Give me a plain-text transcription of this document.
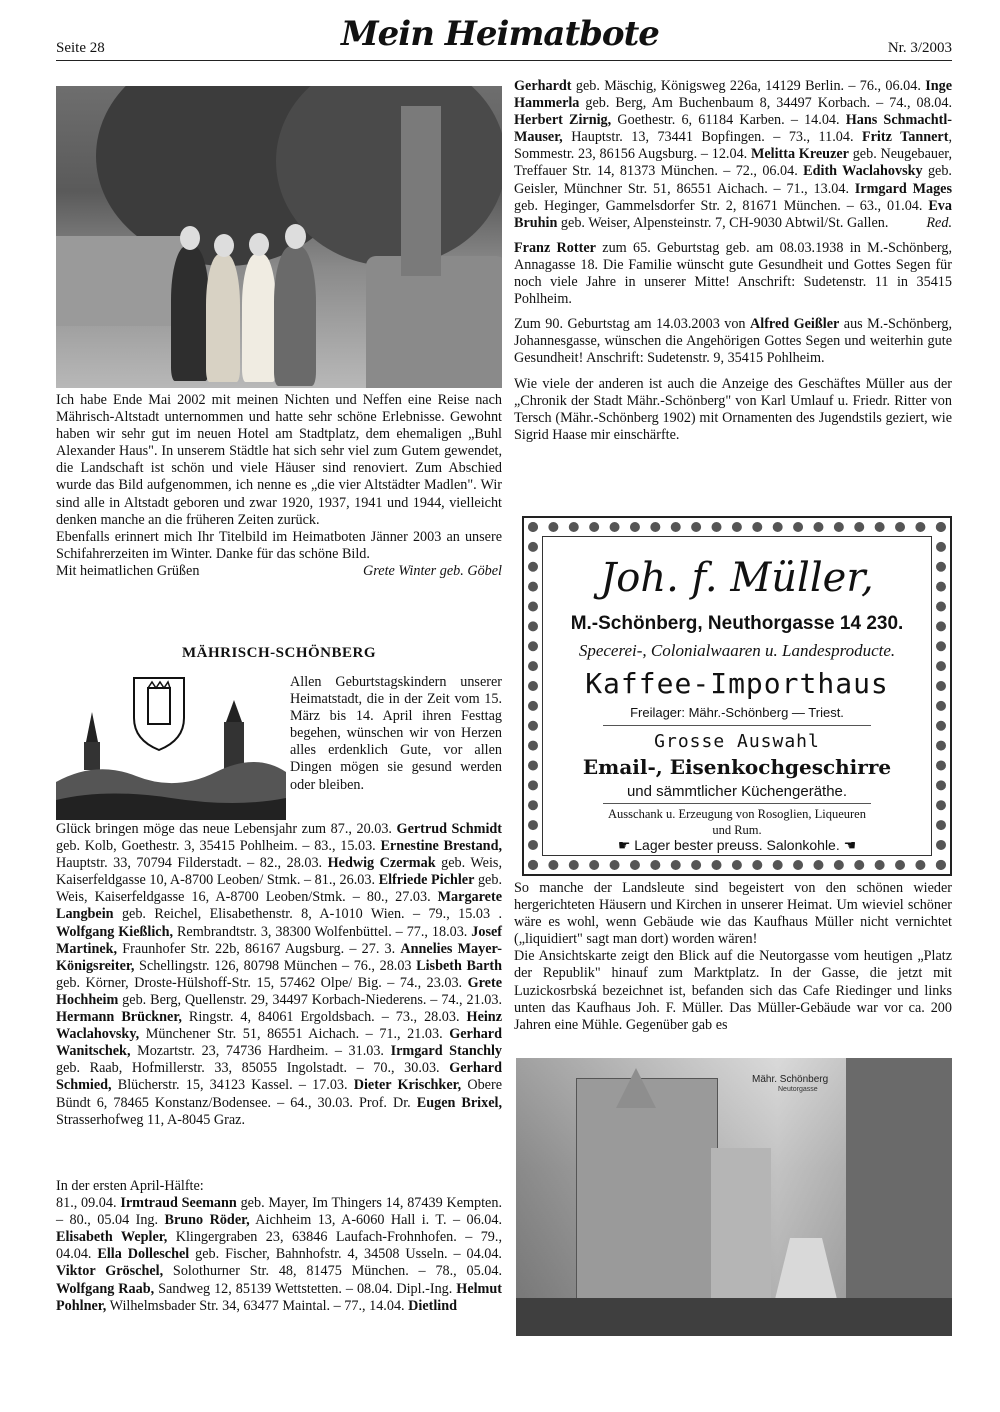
Seite 28	Mein Heimatbote	Nr. 3/2003
Ich habe Ende Mai 2002 mit meinen Nichten und Neffen eine Reise nach Mährisch-Altstadt unternommen und hatte sehr schöne Erlebnisse. Gewohnt haben wir sehr gut im neuen Hotel am Stadtplatz, dem ehemaligen „Buhl Alexander Haus". In unserem Städtle hat sich sehr viel zum Gutem gewendet, die Landschaft ist schön und viele Häuser sind renoviert. Zum Abschied wurde das Bild aufgenommen, ich nenne es „die vier Altstädter Madlen". Wir sind alle in Altstadt geboren und zwar 1920, 1937, 1941 und 1944, vielleicht denken manche an die früheren Zeiten zurück.
Ebenfalls erinnert mich Ihr Titelbild im Heimatboten Jänner 2003 an unsere Schifahrerzeiten im Winter. Danke für das schöne Bild.
Mit heimatlichen Grüßen	Grete Winter geb. Göbel
MÄHRISCH-SCHÖNBERG
Allen Geburtstagskindern unserer Heimatstadt, die in der Zeit vom 15. März bis 14. April ihren Festtag begehen, wünschen wir von Herzen alles erdenklich Gute, vor allen Dingen mögen sie gesund werden oder bleiben.
Glück bringen möge das neue Lebensjahr zum 87., 20.03. Gertrud Schmidt geb. Kolb, Goethestr. 3, 35415 Pohlheim. – 83., 15.03. Ernestine Brestand, Hauptstr. 33, 70794 Filderstadt. – 82., 28.03. Hedwig Czermak geb. Weis, Kaiserfeldgasse 10, A-8700 Leoben/ Stmk. – 81., 26.03. Elfriede Pichler geb. Weis, Kaiserfeldgasse 16, A-8700 Leoben/Stmk. – 80., 27.03. Margarete Langbein geb. Reichel, Elisabethenstr. 8, A-1010 Wien. – 79., 15.03 . Wolfgang Kießlich, Rembrandtstr. 3, 38300 Wolfenbüttel. – 77., 18.03. Josef Martinek, Fraunhofer Str. 22b, 86167 Augsburg. – 27. 3. Annelies Mayer-Königsreiter, Schellingstr. 126, 80798 München – 76., 28.03 Lisbeth Barth geb. Körner, Droste-Hülshoff-Str. 15, 57462 Olpe/ Big. – 74., 23.03. Grete Hochheim geb. Berg, Quellenstr. 29, 34497 Korbach-Niederens. – 74., 21.03. Hermann Brückner, Ringstr. 4, 84061 Ergoldsbach. – 73., 28.03. Heinz Waclahovsky, Münchener Str. 51, 86551 Aichach. – 71., 21.03. Gerhard Wanitschek, Mozartstr. 23, 74736 Hardheim. – 31.03. Irmgard Stanchly geb. Raab, Hofmillerstr. 33, 85055 Ingolstadt. – 70., 30.03. Gerhard Schmied, Blücherstr. 15, 34123 Kassel. – 17.03. Dieter Krischker, Obere Bündt 6, 78465 Konstanz/Bodensee. – 64., 30.03. Prof. Dr. Eugen Brixel, Strasserhofweg 11, A-8045 Graz.
In der ersten April-Hälfte:
81., 09.04. Irmtraud Seemann geb. Mayer, Im Thingers 14, 87439 Kempten. – 80., 05.04 Ing. Bruno Röder, Aichheim 13, A-6060 Hall i. T. – 06.04. Elisabeth Wepler, Klingergraben 23, 63846 Laufach-Frohnhofen. – 79., 04.04. Ella Dolleschel geb. Fischer, Bahnhofstr. 4, 34508 Usseln. – 04.04. Viktor Gröschel, Solothurner Str. 48, 81475 München. – 78., 05.04. Wolfgang Raab, Sandweg 12, 85139 Wettstetten. – 08.04. Dipl.-Ing. Helmut Pohlner, Wilhelmsbader Str. 34, 63477 Maintal. – 77., 14.04. Dietlind

Gerhardt geb. Mäschig, Königsweg 226a, 14129 Berlin. – 76., 06.04. Inge Hammerla geb. Berg, Am Buchenbaum 8, 34497 Korbach. – 74., 08.04. Herbert Zirnig, Goethestr. 6, 61184 Karben. – 14.04. Hans Schmachtl-Mauser, Hauptstr. 13, 73441 Bopfingen. – 73., 11.04. Fritz Tannert, Sommestr. 23, 86156 Augsburg. – 12.04. Melitta Kreuzer geb. Neugebauer, Treffauer Str. 14, 81373 München. – 72., 06.04. Edith Waclahovsky geb. Geisler, Münchner Str. 51, 86551 Aichach. – 71., 13.04. Irmgard Mages geb. Heginger, Gammelsdorfer Str. 2, 81671 München. – 63., 01.04. Eva Bruhin geb. Weiser, Alpensteinstr. 7, CH-9030 Abtwil/St. Gallen.	Red.

Franz Rotter zum 65. Geburtstag geb. am 08.03.1938 in M.-Schönberg, Annagasse 18. Die Familie wünscht gute Gesundheit und Gottes Segen für noch viele Jahre in unserer Mitte! Anschrift: Sudetenstr. 11 in 35415 Pohlheim.

Zum 90. Geburtstag am 14.03.2003 von Alfred Geißler aus M.-Schönberg, Johannesgasse, wünschen die Angehörigen Gottes Segen und weiterhin gute Gesundheit! Anschrift: Sudetenstr. 9, 35415 Pohlheim.

Wie viele der anderen ist auch die Anzeige des Geschäftes Müller aus der „Chronik der Stadt Mähr.-Schönberg" von Karl Umlauf u. Friedr. Ritter von Tersch (Mähr.-Schönberg 1902) mit Ornamenten des Jugendstils geziert, wie Sigrid Haase mir einschärfte.

Joh. f. Müller,
M.-Schönberg, Neuthorgasse 14 230.
Specerei-, Colonialwaaren u. Landesproducte.
Kaffee-Importhaus
Freilager: Mähr.-Schönberg — Triest.
Grosse Auswahl
Email-, Eisenkochgeschirre
und sämmtlicher Küchengeräthe.
Ausschank u. Erzeugung von Rosoglien, Liqueuren
und Rum.
☛ Lager bester preuss. Salonkohle. ☚
So manche der Landsleute sind begeistert von den schönen wieder hergerichteten Häusern und Kirchen in unserer Heimat. Um wieviel schöner wäre es wohl, wenn Gebäude wie das Kaufhaus Müller nicht vernichtet („liquidiert" sagt man dort) worden wären!
Die Ansichtskarte zeigt den Blick auf die Neutorgasse vom heutigen „Platz der Republik" hinauf zum Marktplatz. In der Gasse, die jetzt mit Luzickosrbská bezeichnet ist, befanden sich das Cafe Riedinger und links unten das Kaufhaus Joh. F. Müller. Das Müller-Gebäude war vor ca. 200 Jahren eine Mühle. Gegenüber gab es
Mähr. Schönberg
Neutorgasse
